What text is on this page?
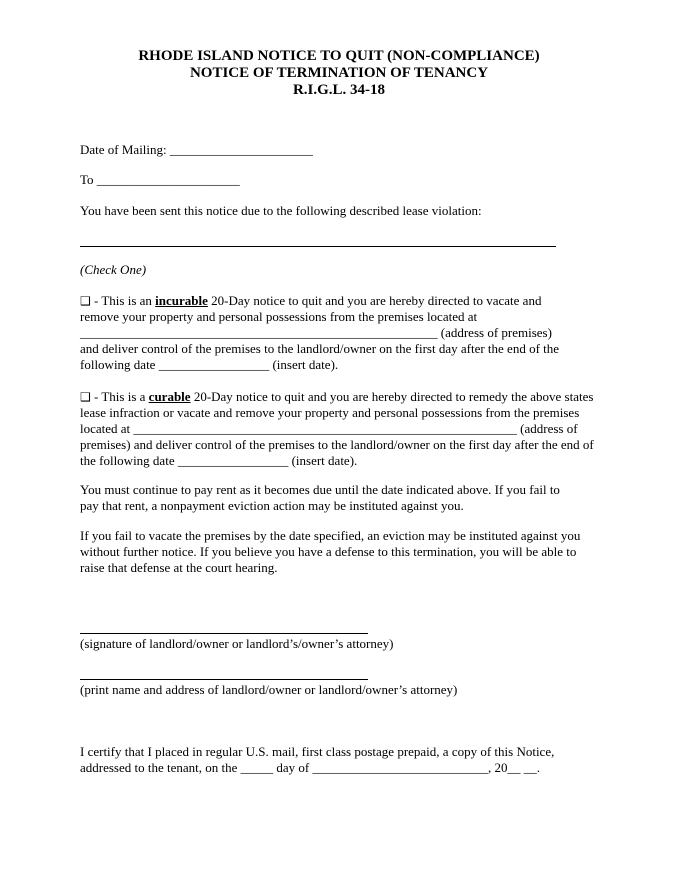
RHODE ISLAND NOTICE TO QUIT (NON-COMPLIANCE)
NOTICE OF TERMINATION OF TENANCY
R.I.G.L. 34-18
Date of Mailing: ______________________
To ______________________
You have been sent this notice due to the following described lease violation:
(Check One)
❑ - This is an incurable 20-Day notice to quit and you are hereby directed to vacate and
remove your property and personal possessions from the premises located at
_______________________________________________________ (address of premises)
and deliver control of the premises to the landlord/owner on the first day after the end of the
following date _________________ (insert date).
❑ - This is a curable 20-Day notice to quit and you are hereby directed to remedy the above states
lease infraction or vacate and remove your property and personal possessions from the premises
located at ___________________________________________________________ (address of
premises) and deliver control of the premises to the landlord/owner on the first day after the end of
the following date _________________ (insert date).
You must continue to pay rent as it becomes due until the date indicated above. If you fail to
pay that rent, a nonpayment eviction action may be instituted against you.
If you fail to vacate the premises by the date specified, an eviction may be instituted against you
without further notice. If you believe you have a defense to this termination, you will be able to
raise that defense at the court hearing.
(signature of landlord/owner or landlord’s/owner’s attorney)
(print name and address of landlord/owner or landlord/owner’s attorney)
I certify that I placed in regular U.S. mail, first class postage prepaid, a copy of this Notice,
addressed to the tenant, on the _____ day of ___________________________, 20__ __.
